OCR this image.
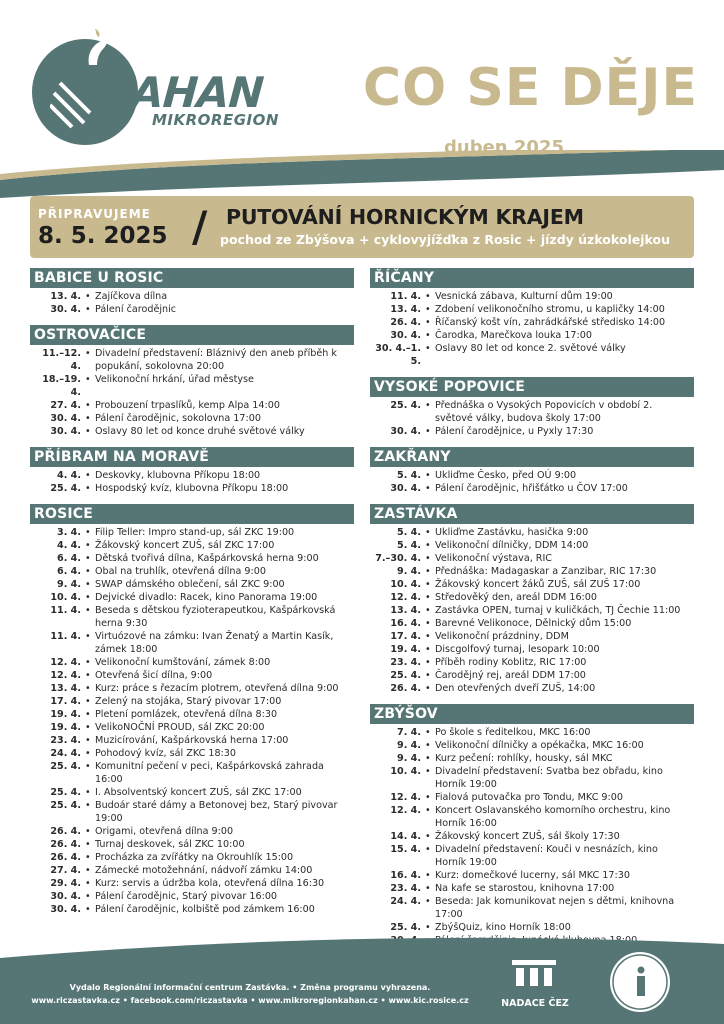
KAHAN
MIKROREGION
CO SE DĚJE
duben 2025
PŘIPRAVUJEME
8. 5. 2025 / PUTOVÁNÍ HORNICKÝM KRAJEM
pochod ze Zbýšova + cyklovyjížďka z Rosic + jízdy úzkokolejkou
BABICE U ROSIC
13. 4. • Zajíčkova dílna
30. 4. • Pálení čarodějnic
OSTROVAČICE
11.–12. 4.
• Divadelní představení: Bláznivý den aneb příběh k popukání, sokolovna 20:00
18.–19. 4.
• Velikonoční hrkání, úřad městyse
27. 4. • Probouzení trpaslíků, kemp Alpa 14:00
30. 4. • Pálení čarodějnic, sokolovna 17:00
30. 4. • Oslavy 80 let od konce druhé světové války
PŘÍBRAM NA MORAVĚ
4. 4. • Deskovky, klubovna Příkopu 18:00
25. 4. • Hospodský kvíz, klubovna Příkopu 18:00
ROSICE
3. 4. • Filip Teller: Impro stand-up, sál ZKC 19:00
4. 4. • Žákovský koncert ZUŠ, sál ZKC 17:00
6. 4. • Dětská tvořivá dílna, Kašpárkovská herna 9:00
6. 4. • Obal na truhlík, otevřená dílna 9:00
9. 4. • SWAP dámského oblečení, sál ZKC 9:00
10. 4. • Dejvické divadlo: Racek, kino Panorama 19:00
11. 4. • Beseda s dětskou fyzioterapeutkou, Kašpárkovská herna 9:30
11. 4. • Virtuózové na zámku: Ivan Ženatý a Martin Kasík, zámek 18:00
12. 4. • Velikonoční kumštování, zámek 8:00
12. 4. • Otevřená šicí dílna, 9:00
13. 4. • Kurz: práce s řezacím plotrem, otevřená dílna 9:00
17. 4. • Zelený na stojáka, Starý pivovar 17:00
19. 4. • Pletení pomlázek, otevřená dílna 8:30
19. 4. • VelikoNOČNÍ PROUD, sál ZKC 20:00
23. 4. • Muzicírování, Kašpárkovská herna 17:00
24. 4. • Pohodový kvíz, sál ZKC 18:30
25. 4. • Komunitní pečení v peci, Kašpárkovská zahrada 16:00
25. 4. • I. Absolventský koncert ZUŠ, sál ZKC 17:00
25. 4. • Budoár staré dámy a Betonovej bez, Starý pivovar 19:00
26. 4. • Origami, otevřená dílna 9:00
26. 4. • Turnaj deskovek, sál ZKC 10:00
26. 4. • Procházka za zvířátky na Okrouhlík 15:00
27. 4. • Zámecké motožehnání, nádvoří zámku 14:00
29. 4. • Kurz: servis a údržba kola, otevřená dílna 16:30
30. 4. • Pálení čarodějnic, Starý pivovar 16:00
30. 4. • Pálení čarodějnic, kolbiště pod zámkem 16:00
ŘÍČANY
11. 4. • Vesnická zábava, Kulturní dům 19:00
13. 4. • Zdobení velikonočního stromu, u kapličky 14:00
26. 4. • Říčanský košt vín, zahrádkářské středisko 14:00
30. 4. • Čarodka, Marečkova louka 17:00
30. 4.–1. 5.
• Oslavy 80 let od konce 2. světové války
VYSOKÉ POPOVICE
25. 4. • Přednáška o Vysokých Popovicích v období 2. světové války, budova školy 17:00
30. 4. • Pálení čarodějnice, u Pyxly 17:30
ZAKŘANY
5. 4. • Ukliďme Česko, před OÚ 9:00
30. 4. • Pálení čarodějnic, hřišťátko u ČOV 17:00
ZASTÁVKA
5. 4. • Ukliďme Zastávku, hasička 9:00
5. 4. • Velikonoční dílničky, DDM 14:00
7.–30. 4. • Velikonoční výstava, RIC
9. 4. • Přednáška: Madagaskar a Zanzibar, RIC 17:30
10. 4. • Žákovský koncert žáků ZUŠ, sál ZUŠ 17:00
12. 4. • Středověký den, areál DDM 16:00
13. 4. • Zastávka OPEN, turnaj v kuličkách, TJ Čechie 11:00
16. 4. • Barevné Velikonoce, Dělnický dům 15:00
17. 4. • Velikonoční prázdniny, DDM
19. 4. • Discgolfový turnaj, lesopark 10:00
23. 4. • Příběh rodiny Koblitz, RIC 17:00
25. 4. • Čarodějný rej, areál DDM 17:00
26. 4. • Den otevřených dveří ZUŠ, 14:00
ZBÝŠOV
7. 4. • Po škole s ředitelkou, MKC 16:00
9. 4. • Velikonoční dílničky a opékačka, MKC 16:00
9. 4. • Kurz pečení: rohlíky, housky, sál MKC
10. 4. • Divadelní představení: Svatba bez obřadu, kino Horník 19:00
12. 4. • Fialová putovačka pro Tondu, MKC 9:00
12. 4. • Koncert Oslavanského komorního orchestru, kino Horník 16:00
14. 4. • Žákovský koncert ZUŠ, sál školy 17:30
15. 4. • Divadelní představení: Kouči v nesnázích, kino Horník 19:00
16. 4. • Kurz: domečkové lucerny, sál MKC 17:30
23. 4. • Na kafe se starostou, knihovna 17:00
24. 4. • Beseda: Jak komunikovat nejen s dětmi, knihovna 17:00
25. 4. • ZbýšQuiz, kino Horník 18:00
Vydalo Regionální informační centrum Zastávka. • Změna programu vyhrazena.
www.riczastavka.cz • facebook.com/riczastavka • www.mikroregionkahan.cz • www.kic.rosice.cz	NADACE ČEZ
